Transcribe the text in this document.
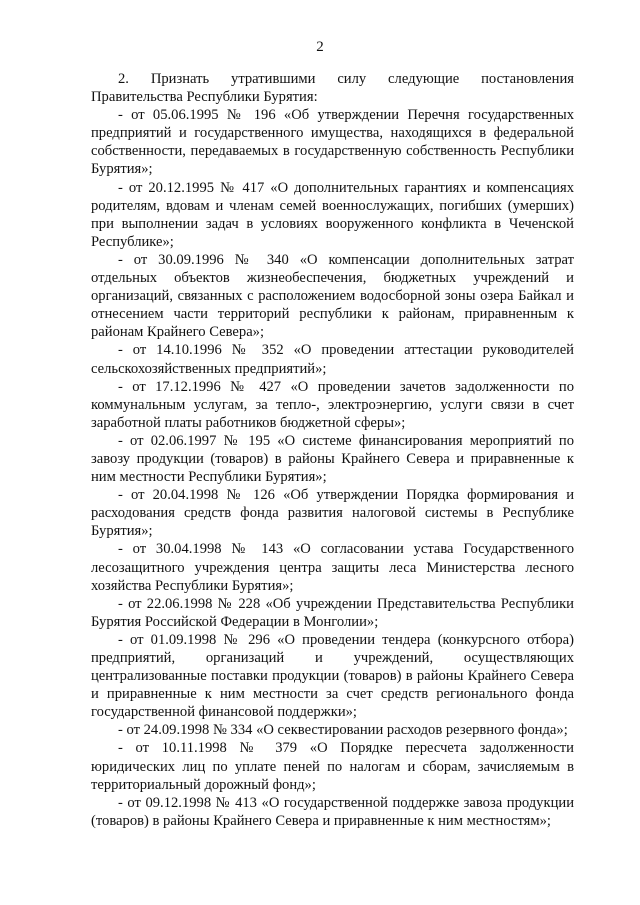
2

2. Признать утратившими силу следующие постановления Правительства Республики Бурятия:

- от 05.06.1995 № 196 «Об утверждении Перечня государственных предприятий и государственного имущества, находящихся в федеральной собственности, передаваемых в государственную собственность Республики Бурятия»;

- от 20.12.1995 № 417 «О дополнительных гарантиях и компенсациях родителям, вдовам и членам семей военнослужащих, погибших (умерших) при выполнении задач в условиях вооруженного конфликта в Чеченской Республике»;

- от 30.09.1996 № 340 «О компенсации дополнительных затрат отдельных объектов жизнеобеспечения, бюджетных учреждений и организаций, связанных с расположением водосборной зоны озера Байкал и отнесением части территорий республики к районам, приравненным к районам Крайнего Севера»;

- от 14.10.1996 № 352 «О проведении аттестации руководителей сельскохозяйственных предприятий»;

- от 17.12.1996 № 427 «О проведении зачетов задолженности по коммунальным услугам, за тепло-, электроэнергию, услуги связи в счет заработной платы работников бюджетной сферы»;

- от 02.06.1997 № 195 «О системе финансирования мероприятий по завозу продукции (товаров) в районы Крайнего Севера и приравненные к ним местности Республики Бурятия»;

- от 20.04.1998 № 126 «Об утверждении Порядка формирования и расходования средств фонда развития налоговой системы в Республике Бурятия»;

- от 30.04.1998 № 143 «О согласовании устава Государственного лесозащитного учреждения центра защиты леса Министерства лесного хозяйства Республики Бурятия»;

- от 22.06.1998 № 228 «Об учреждении Представительства Республики Бурятия Российской Федерации в Монголии»;

- от 01.09.1998 № 296 «О проведении тендера (конкурсного отбора) предприятий, организаций и учреждений, осуществляющих централизованные поставки продукции (товаров) в районы Крайнего Севера и приравненные к ним местности за счет средств регионального фонда государственной финансовой поддержки»;

- от 24.09.1998 № 334 «О секвестировании расходов резервного фонда»;

- от 10.11.1998 № 379 «О Порядке пересчета задолженности юридических лиц по уплате пеней по налогам и сборам, зачисляемым в территориальный дорожный фонд»;

- от 09.12.1998 № 413 «О государственной поддержке завоза продукции (товаров) в районы Крайнего Севера и приравненные к ним местностям»;
